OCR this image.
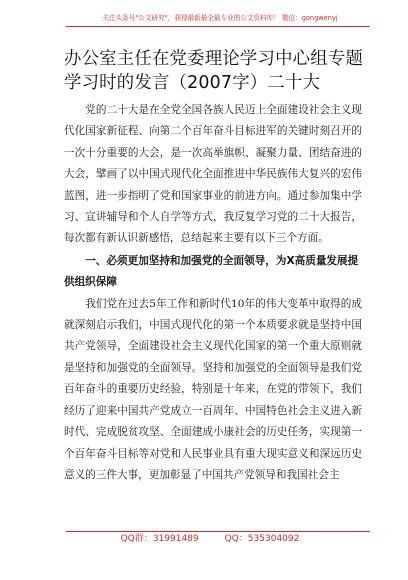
关注头条号"公文研究"，获得最新最全最专业的公文资料库！ 微信：gongwenyj
办公室主任在党委理论学习中心组专题学习时的发言（2007字）二十大

党的二十大是在全党全国各族人民迈上全面建设社会主义现代化国家新征程、向第二个百年奋斗目标进军的关键时刻召开的一次十分重要的大会，是一次高举旗帜、凝聚力量、团结奋进的大会，擘画了以中国式现代化全面推进中华民族伟大复兴的宏伟蓝图，进一步指明了党和国家事业的前进方向。通过参加集中学习、宣讲辅导和个人自学等方式，我反复学习党的二十大报告，每次都有新认识新感悟，总结起来主要有以下三个方面。

一、必须更加坚持和加强党的全面领导，为X高质量发展提供组织保障

我们党在过去5年工作和新时代10年的伟大变革中取得的成就深刻启示我们，中国式现代化的第一个本质要求就是坚持中国共产党领导，全面建设社会主义现代化国家的第一个重大原则就是坚持和加强党的全面领导。坚持和加强党的全面领导是我们党百年奋斗的重要历史经验，特别是十年来，在党的带领下，我们经历了迎来中国共产党成立一百周年、中国特色社会主义进入新时代、完成脱贫攻坚、全面建成小康社会的历史任务，实现第一个百年奋斗目标等对党和人民事业具有重大现实意义和深远历史意义的三件大事，更加彰显了中国共产党领导和我国社会主

QQ群：31991489	QQ：535304092
